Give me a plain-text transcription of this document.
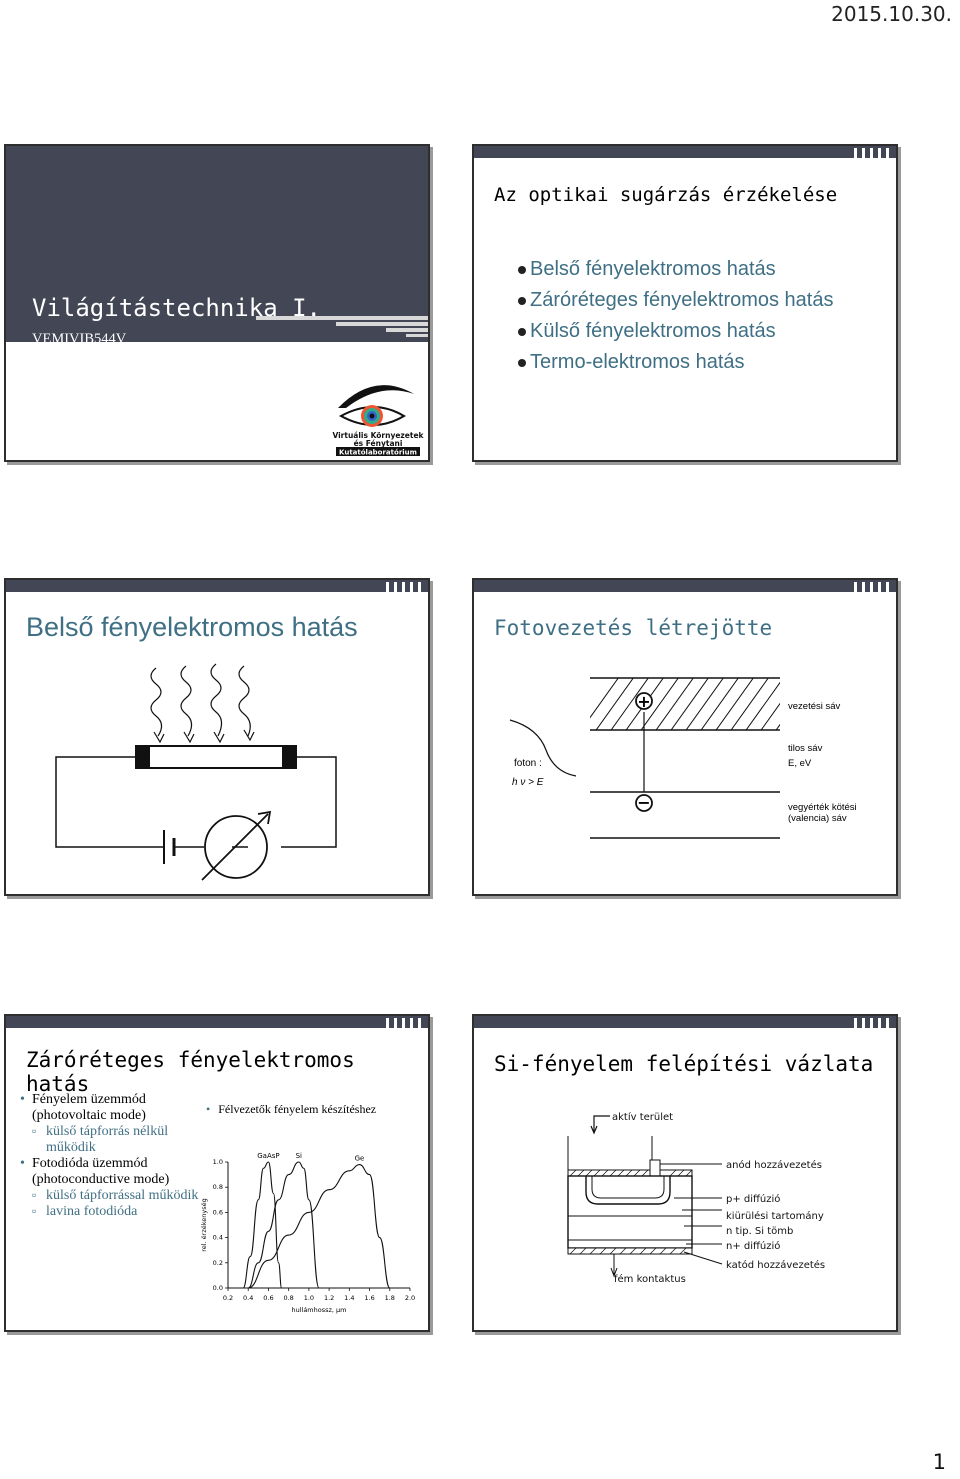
2015.10.30.
Világítástechnika I.
VEMIVIB544V
Méréstechnika, műszerek
2015. október 29.
Virtuális Környezetek
és Fénytani
Kutatólaboratórium
Az optikai sugárzás érzékelése
Belső fényelektromos hatás
Záróréteges fényelektromos hatás
Külső fényelektromos hatás
Termo-elektromos hatás
Belső fényelektromos hatás	Fotovezetés létrejötte
+
−
foton :
h ν > E
vezetési sáv
tilos sáv
E, eV
vegyérték kötési
(valencia) sáv
Záróréteges fényelektromos hatás
• Fényelem üzemmód (photovoltaic mode)
▫ külső tápforrás nélkül működik
• Fotodióda üzemmód (photoconductive mode)
▫ külső tápforrással működik
▫ lavina fotodióda
• Félvezetők fényelem készítéshez
0.2 0.4 0.6 0.8 1.0 1.2 1.4 1.6 1.8 2.0
0.0
0.2
0.4
0.6
0.8
1.0
hullámhossz, μm
rel. érzékenység
GaAsP Si	Ge
Si-fényelem felépítési vázlata
aktív terület
anód hozzávezetés
p+ diffúzió
kiürülési tartomány
n tip. Si tömb
n+ diffúzió
katód hozzávezetés
fém kontaktus
1
